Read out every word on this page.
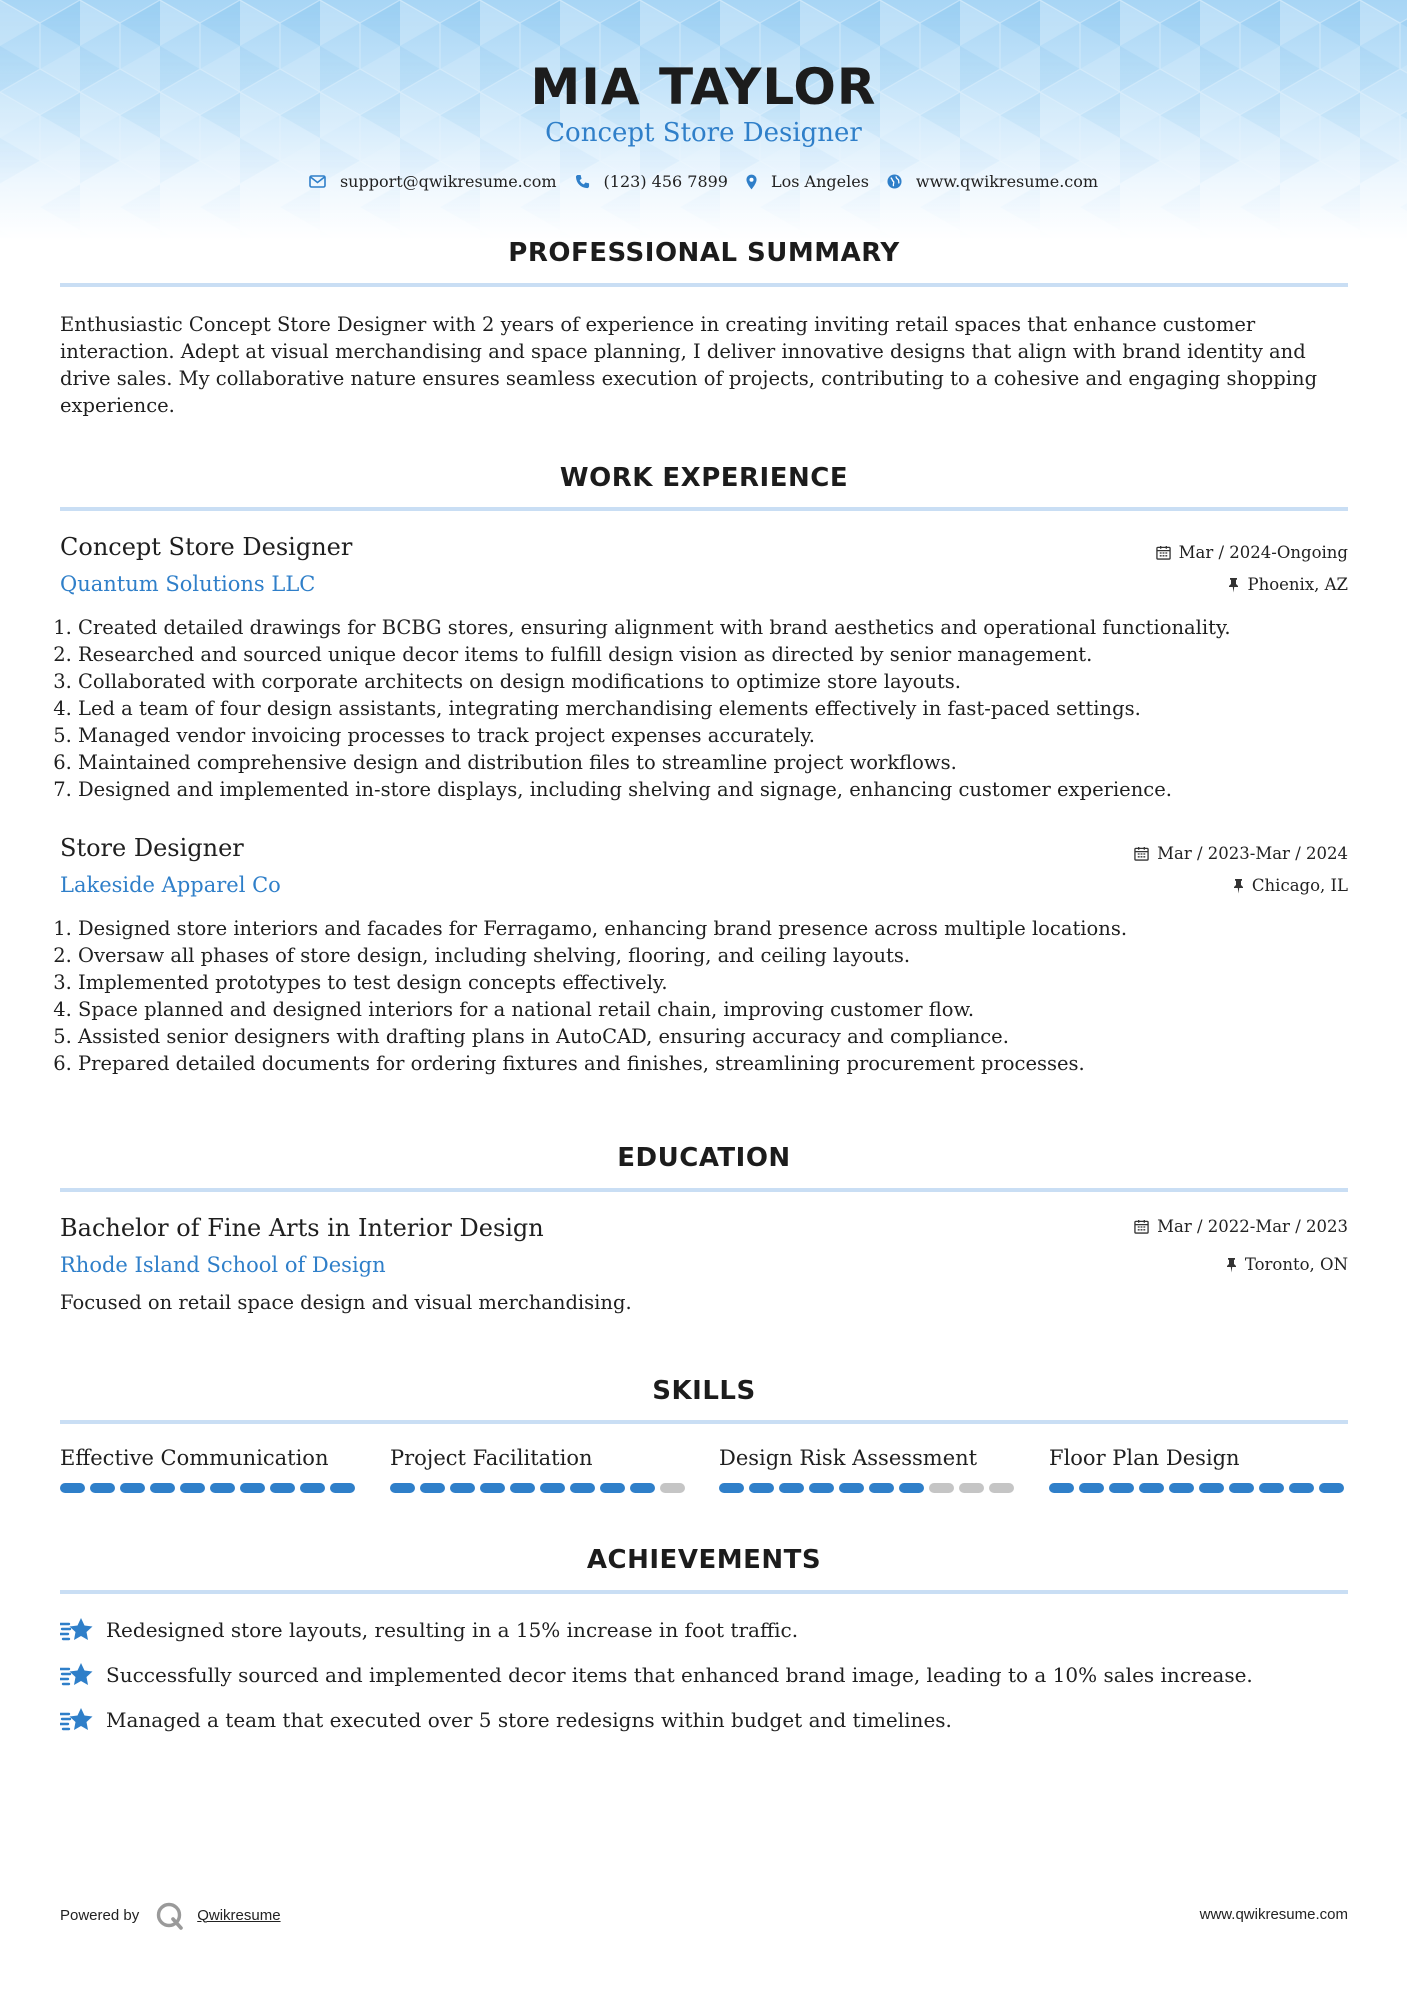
MIA TAYLOR
Concept Store Designer
support@qwikresume.com	(123) 456 7899	Los Angeles	www.qwikresume.com
PROFESSIONAL SUMMARY
Enthusiastic Concept Store Designer with 2 years of experience in creating inviting retail spaces that enhance customer interaction. Adept at visual merchandising and space planning, I deliver innovative designs that align with brand identity and drive sales. My collaborative nature ensures seamless execution of projects, contributing to a cohesive and engaging shopping experience.
WORK EXPERIENCE
Concept Store Designer	Mar / 2024-Ongoing
Quantum Solutions LLC	Phoenix, AZ
1. Created detailed drawings for BCBG stores, ensuring alignment with brand aesthetics and operational functionality.
2. Researched and sourced unique decor items to fulfill design vision as directed by senior management.
3. Collaborated with corporate architects on design modifications to optimize store layouts.
4. Led a team of four design assistants, integrating merchandising elements effectively in fast-paced settings.
5. Managed vendor invoicing processes to track project expenses accurately.
6. Maintained comprehensive design and distribution files to streamline project workflows.
7. Designed and implemented in-store displays, including shelving and signage, enhancing customer experience.
Store Designer	Mar / 2023-Mar / 2024
Lakeside Apparel Co	Chicago, IL
1. Designed store interiors and facades for Ferragamo, enhancing brand presence across multiple locations.
2. Oversaw all phases of store design, including shelving, flooring, and ceiling layouts.
3. Implemented prototypes to test design concepts effectively.
4. Space planned and designed interiors for a national retail chain, improving customer flow.
5. Assisted senior designers with drafting plans in AutoCAD, ensuring accuracy and compliance.
6. Prepared detailed documents for ordering fixtures and finishes, streamlining procurement processes.
EDUCATION
Bachelor of Fine Arts in Interior Design	Mar / 2022-Mar / 2023
Rhode Island School of Design	Toronto, ON
Focused on retail space design and visual merchandising.
SKILLS
Effective Communication	Project Facilitation	Design Risk Assessment	Floor Plan Design
ACHIEVEMENTS
Redesigned store layouts, resulting in a 15% increase in foot traffic.
Successfully sourced and implemented decor items that enhanced brand image, leading to a 10% sales increase.
Managed a team that executed over 5 store redesigns within budget and timelines.
Powered by	Qwikresume	www.qwikresume.com
